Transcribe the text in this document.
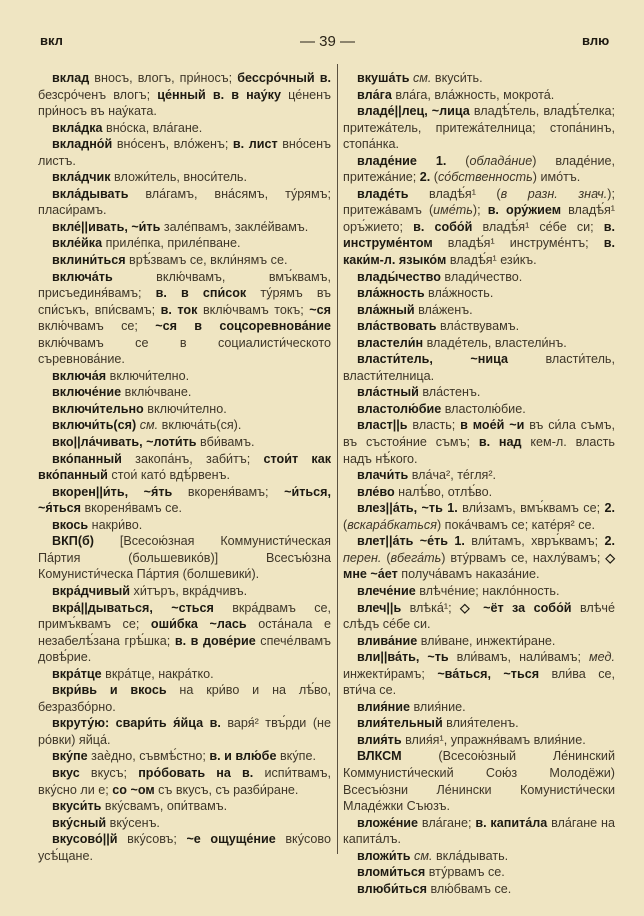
вкл	— 39 —	влю

вклад вносъ, влогъ, при́носъ; бессро́чный в. безсро́ченъ влогъ; це́нный в. в нау́ку це́ненъ при́носъ въ нау́ката.

вкла́дка вно́ска, вла́гане.

вкладно́й вно́сенъ, вло́женъ; в. лист вно́сенъ листъ.

вкла́дчик вложи́тель, вноси́тель.

вкла́дывать вла́гамъ, вна́сямъ, ту́рямъ; пласи́рамъ.

вкле́||ивать, ~и́ть зале́пвамъ, закле́йвамъ.

вкле́йка приле́пка, приле́пване.

вклини́ться врѣ́звамъ се, вкли́нямъ се.

включа́ть вклю́чвамъ, вмъ́квамъ, присъединя́вамъ; в. в спи́сок ту́рямъ въ спи́съкъ, впи́свамъ; в. ток вклю́чвамъ токъ; ~ся вклю́чвамъ се; ~ся в соцсоревнова́ние вклю́чвамъ се в социалисти́ческото съревнова́ние.

включа́я включи́телно.

включе́ние вклю́чване.

включи́тельно включи́телно.

включи́ть(ся) см. включа́ть(ся).

вко||ла́чивать, ~лоти́ть вби́вамъ.

вко́панный закопа́нъ, заби́тъ; стои́т как вко́панный стои́ като́ вдѣ́рвенъ.

вкорен||и́ть, ~я́ть вкореня́вамъ; ~и́ться, ~я́ться вкореня́вамъ се.

вкось накри́во.

ВКП(б) [Всесою́зная Коммунисти́ческая Па́ртия (большевико́в)] Всесъю́зна Комунисти́ческа Па́ртия (болшевики́).

вкра́дчивый хи́търъ, вкра́дчивъ.

вкра́||дываться, ~сться вкра́двамъ се, примъ́квамъ се; оши́бка ~лась оста́нала е незабелѣ́зана грѣ́шка; в. в дове́рие спече́лвамъ довѣ́рие.

вкра́тце вкра́тце, накра́тко.

вкри́вь и вкось на кри́во и на лѣ́во, безразбо́рно.

вкруту́ю: свари́ть я́йца в. варя́² твъ́рди (не ро́вки) яйца́.

вку́пе заѐдно, съвмѣ́стно; в. и влю́бе вку́пе.

вкус вкусъ; про́бовать на в. испи́твамъ, вку́сно ли е; со ~ом съ вкусъ, съ разби́ране.

вкуси́ть вку́свамъ, опи́твамъ.

вку́сный вку́сенъ.

вкусово́||й вку́совъ; ~е ощуще́ние вку́сово усѣ́щане.

вкуша́ть см. вкуси́ть.

вла́га вла́га, вла́жность, мокрота́.

владе́||лец, ~лица владѣ́тель, владѣ́телка; притежа́тель, притежа́телница; стопа́нинъ, стопа́нка.

владе́ние 1. (облада́ние) владе́ние, притежа́ние; 2. (со́бственность) имо́тъ.

владе́ть владѣ́я¹ (в разн. знач.); притежа́вамъ (име́ть); в. ору́жием владѣ́я¹ оръ́жието; в. собо́й владѣ́я¹ се́бе си; в. инструме́нтом владѣ́я¹ инструме́нтъ; в. каки́м-л. языко́м владѣ́я¹ ези́къ.

влады́чество влади́чество.

вла́жность вла́жность.

вла́жный вла́женъ.

вла́ствовать вла́ствувамъ.

властели́н владе́тель, властели́нъ.

власти́тель, ~ница власти́тель, власти́телница.

вла́стный вла́стенъ.

властолю́бие властолю́бие.

власт||ь власть; в мое́й ~и въ си́ла съмъ, въ състоя́ние съмъ; в. над кем-л. власть надъ нѣ́кого.

влачи́ть вла́ча², те́гля².

вле́во налѣ́во, отлѣ́во.

влез||а́ть, ~ть 1. вли́замъ, вмъ́квамъ се; 2. (вскара́бкаться) пока́чвамъ се; кате́ря² се.

влет||а́ть ~е́ть 1. вли́тамъ, хвръ́квамъ; 2. перен. (вбега́ть) вту́рвамъ се, нахлу́вамъ; ◇ мне ~а́ет получа́вамъ наказа́ние.

влече́ние влѣче́ние; накло́нность.

влеч||ь влѣка́¹; ◇ ~ёт за собо́й влѣче́ слѣдъ се́бе си.

влива́ние вли́ване, инжекти́ране.

вли||ва́ть, ~ть вли́вамъ, нали́вамъ; мед. инжекти́рамъ; ~ва́ться, ~ться вли́ва се, вти́ча се.

влия́ние влия́ние.

влия́тельный влия́теленъ.

влия́ть влия́я¹, упражня́вамъ влия́ние.

ВЛКСМ (Всесою́зный Ле́нинский Коммунисти́ческий Сою́з Молодёжи) Всесъю́зни Ле́нински Комунисти́чески Младе́жки Съюзъ.

вложе́ние вла́гане; в. капита́ла вла́гане на капита́лъ.

вложи́ть см. вкла́дывать.

вломи́ться вту́рвамъ се.

влюби́ться влю́бвамъ се.
